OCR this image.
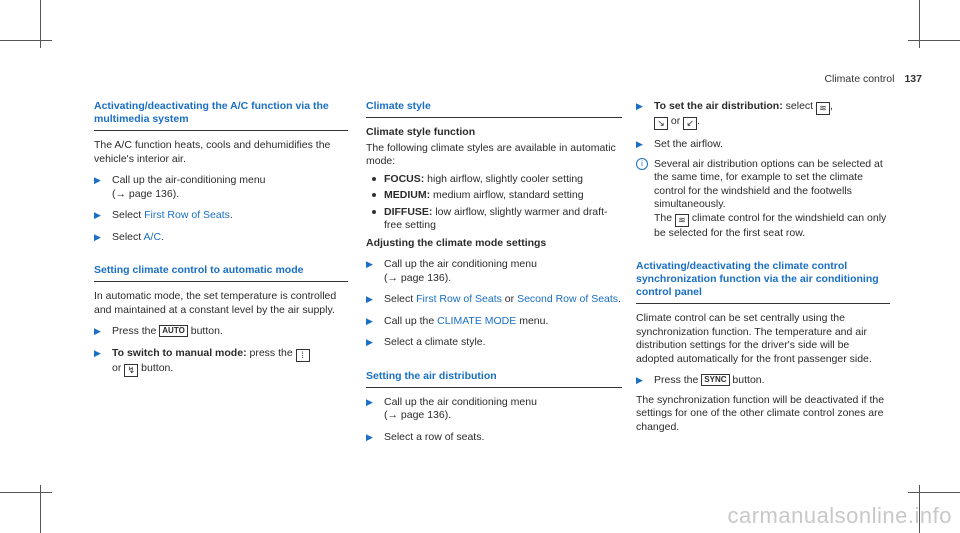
Climate control 137
Activating/deactivating the A/C function via the multimedia system

The A/C function heats, cools and dehumidifies the vehicle's interior air.

▶ Call up the air-conditioning menu
(→ page 136).
▶ Select First Row of Seats.
▶ Select A/C.
Setting climate control to automatic mode

In automatic mode, the set temperature is controlled and maintained at a constant level by the air supply.

▶ Press the AUTO button.
▶ To switch to manual mode: press the ⁞
or ↯ button.
Climate style
Climate style function

The following climate styles are available in automatic mode:

FOCUS: high airflow, slightly cooler setting
MEDIUM: medium airflow, standard setting
DIFFUSE: low airflow, slightly warmer and draft-free setting
Adjusting the climate mode settings
▶ Call up the air conditioning menu
(→ page 136).
▶ Select First Row of Seats or Second Row of Seats.
▶ Call up the CLIMATE MODE menu.
▶ Select a climate style.
Setting the air distribution
▶ Call up the air conditioning menu
(→ page 136).
▶ Select a row of seats.
▶ To set the air distribution: select ≋ ,
↘ or ↙ .
▶ Set the airflow.
i	Several air distribution options can be selected at the same time, for example to set the climate control for the windshield and the footwells simultaneously.
The ≋ climate control for the windshield can only be selected for the first seat row.
Activating/deactivating the climate control synchronization function via the air conditioning control panel

Climate control can be set centrally using the synchronization function. The temperature and air distribution settings for the driver's side will be adopted automatically for the front passenger side.

▶ Press the SYNC button.

The synchronization function will be deactivated if the settings for one of the other climate control zones are changed.

carmanualsonline.info
